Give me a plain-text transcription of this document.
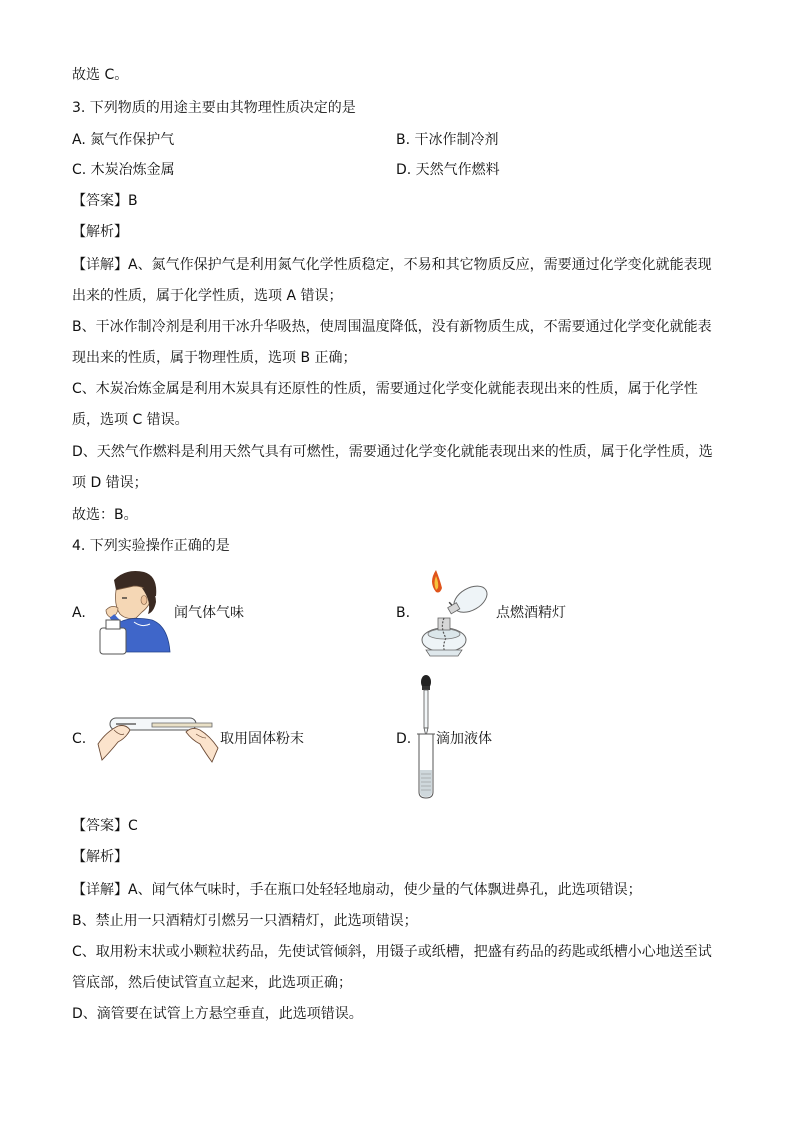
故选 C。
3. 下列物质的用途主要由其物理性质决定的是
A. 氮气作保护气	B. 干冰作制冷剂
C. 木炭冶炼金属	D. 天然气作燃料
【答案】B
【解析】
【详解】A、氮气作保护气是利用氮气化学性质稳定，不易和其它物质反应，需要通过化学变化就能表现
出来的性质，属于化学性质，选项 A 错误；
B、干冰作制冷剂是利用干冰升华吸热，使周围温度降低，没有新物质生成，不需要通过化学变化就能表
现出来的性质，属于物理性质，选项 B 正确；
C、木炭冶炼金属是利用木炭具有还原性的性质，需要通过化学变化就能表现出来的性质，属于化学性
质，选项 C 错误。
D、天然气作燃料是利用天然气具有可燃性，需要通过化学变化就能表现出来的性质，属于化学性质，选
项 D 错误；
故选：B。
4. 下列实验操作正确的是
A.	闻气体气味	B.	点燃酒精灯
C.	取用固体粉末	D. 滴加液体
【答案】C
【解析】
【详解】A、闻气体气味时，手在瓶口处轻轻地扇动，使少量的气体飘进鼻孔，此选项错误；
B、禁止用一只酒精灯引燃另一只酒精灯，此选项错误；
C、取用粉末状或小颗粒状药品，先使试管倾斜，用镊子或纸槽，把盛有药品的药匙或纸槽小心地送至试
管底部，然后使试管直立起来，此选项正确；
D、滴管要在试管上方悬空垂直，此选项错误。
